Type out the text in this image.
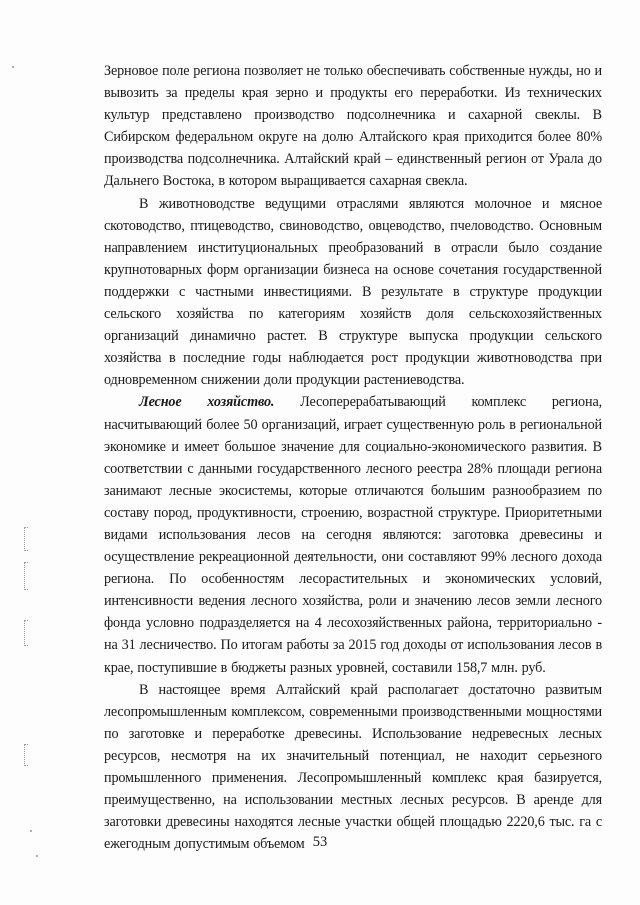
Зерновое поле региона позволяет не только обеспечивать собственные нужды, но и вывозить за пределы края зерно и продукты его переработки. Из технических культур представлено производство подсолнечника и сахарной свеклы. В Сибирском федеральном округе на долю Алтайского края приходится более 80% производства подсолнечника. Алтайский край – единственный регион от Урала до Дальнего Востока, в котором выращивается сахарная свекла.

В животноводстве ведущими отраслями являются молочное и мясное скотоводство, птицеводство, свиноводство, овцеводство, пчеловодство. Основным направлением институциональных преобразований в отрасли было создание крупнотоварных форм организации бизнеса на основе сочетания государственной поддержки с частными инвестициями. В результате в структуре продукции сельского хозяйства по категориям хозяйств доля сельскохозяйственных организаций динамично растет. В структуре выпуска продукции сельского хозяйства в последние годы наблюдается рост продукции животноводства при одновременном снижении доли продукции растениеводства.

Лесное хозяйство. Лесоперерабатывающий комплекс региона, насчитывающий более 50 организаций, играет существенную роль в региональной экономике и имеет большое значение для социально-экономического развития. В соответствии с данными государственного лесного реестра 28% площади региона занимают лесные экосистемы, которые отличаются большим разнообразием по составу пород, продуктивности, строению, возрастной структуре. Приоритетными видами использования лесов на сегодня являются: заготовка древесины и осуществление рекреационной деятельности, они составляют 99% лесного дохода региона. По особенностям лесорастительных и экономических условий, интенсивности ведения лесного хозяйства, роли и значению лесов земли лесного фонда условно подразделяется на 4 лесохозяйственных района, территориально - на 31 лесничество. По итогам работы за 2015 год доходы от использования лесов в крае, поступившие в бюджеты разных уровней, составили 158,7 млн. руб.

В настоящее время Алтайский край располагает достаточно развитым лесопромышленным комплексом, современными производственными мощностями по заготовке и переработке древесины. Использование недревесных лесных ресурсов, несмотря на их значительный потенциал, не находит серьезного промышленного применения. Лесопромышленный комплекс края базируется, преимущественно, на использовании местных лесных ресурсов. В аренде для заготовки древесины находятся лесные участки общей площадью 2220,6 тыс. га с ежегодным допустимым объемом 53
